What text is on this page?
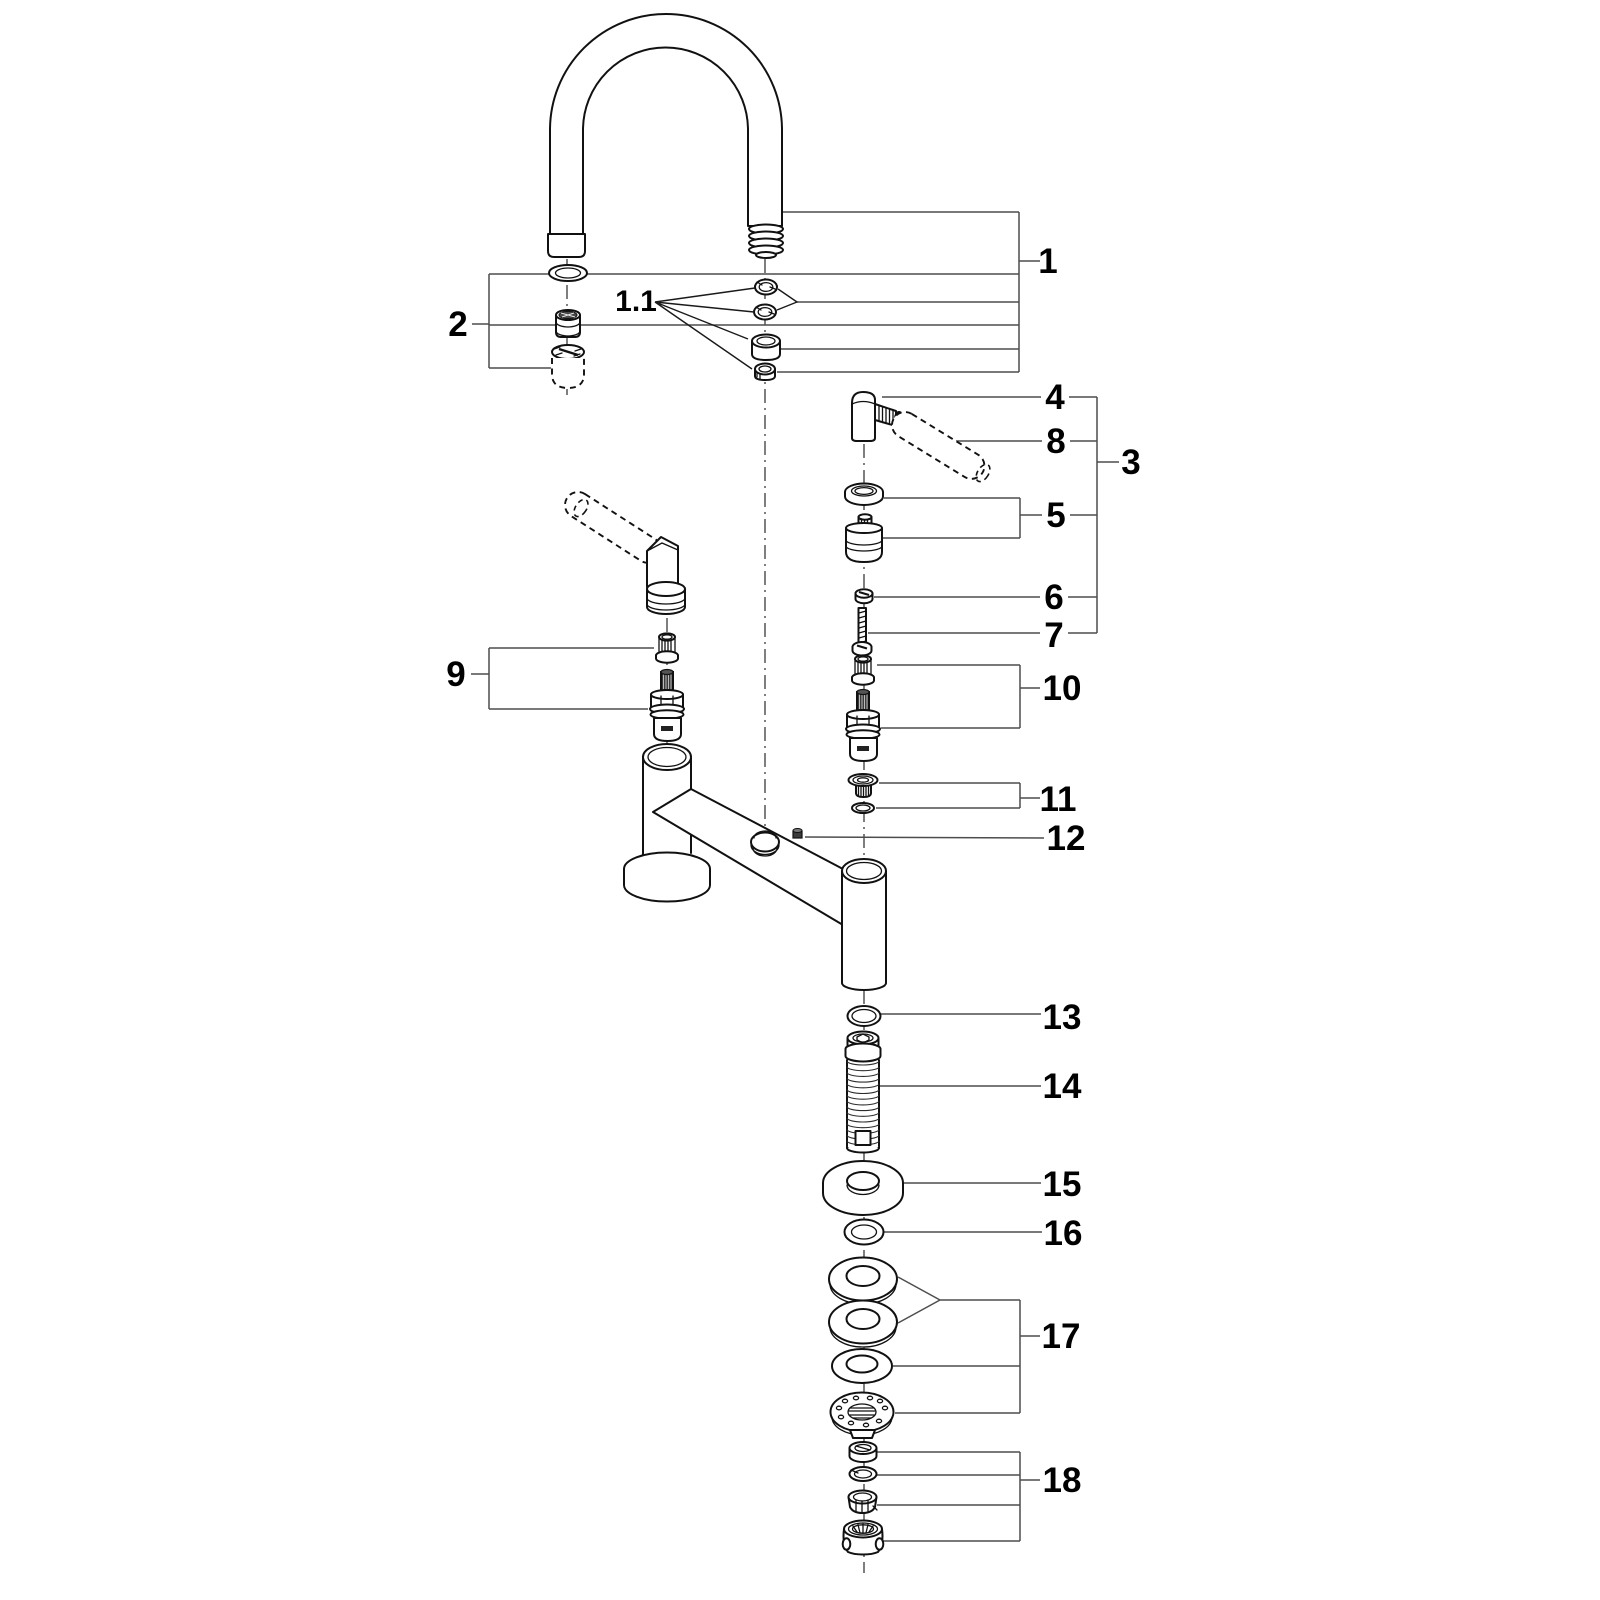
1
1.1
2
3
4
8
5
6
7
9	10
11
12
13
14
15
16
17
18
